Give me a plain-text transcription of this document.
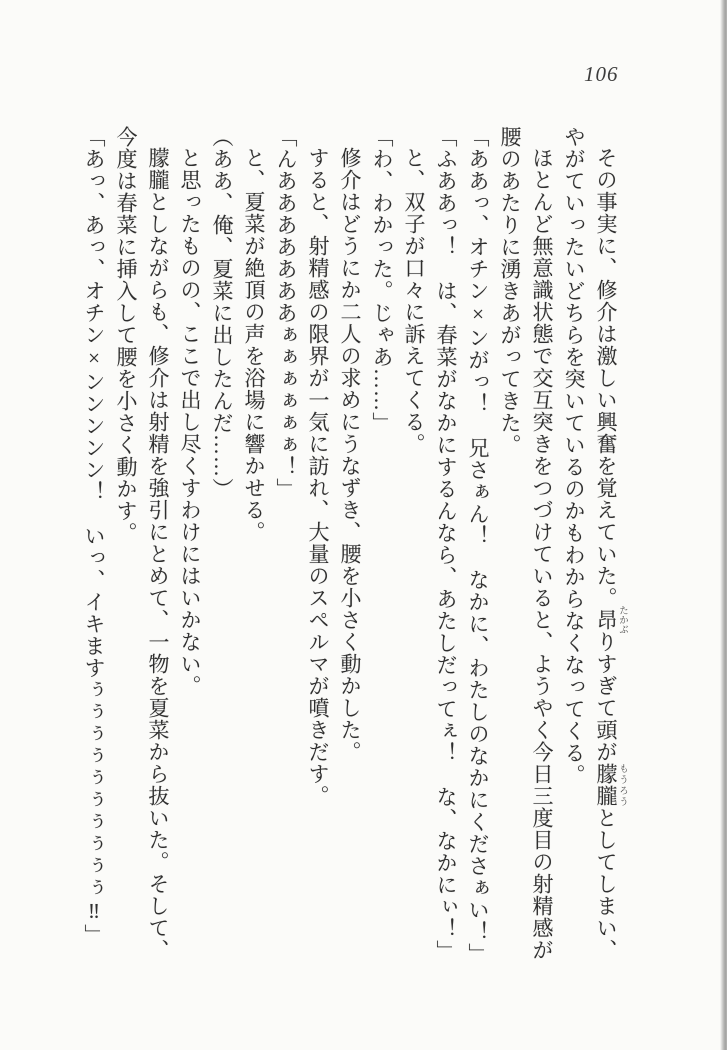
106

その事実に、修介は激しい興奮を覚えていた。昂 たかぶりすぎて頭が朦朧 もうろうとしてしまい、

やがていったいどちらを突いているのかもわからなくなってくる。

ほとんど無意識状態で交互突きをつづけていると、ようやく今日三度目の射精感が

腰のあたりに湧きあがってきた。

「ああっ、オチン×ンがっ！　兄さぁん！　なかに、わたしのなかにくださぁい！」

「ふああっ！　は、春菜がなかにするんなら、あたしだってぇ！　な、なかにぃ！」

と、双子が口々に訴えてくる。

「わ、わかった。じゃあ……」

修介はどうにか二人の求めにうなずき、腰を小さく動かした。

すると、射精感の限界が一気に訪れ、大量のスペルマが噴きだす。

「んあああああああぁぁぁぁぁぁ！」

と、夏菜が絶頂の声を浴場に響かせる。

（ああ、俺、夏菜に出したんだ……）

と思ったものの、ここで出し尽くすわけにはいかない。

朦朧としながらも、修介は射精を強引にとめて、一物を夏菜から抜いた。そして、

今度は春菜に挿入して腰を小さく動かす。

「あっ、あっ、オチン×ンンンンン！　いっ、イキますぅぅぅぅぅぅぅぅぅぅ‼」
